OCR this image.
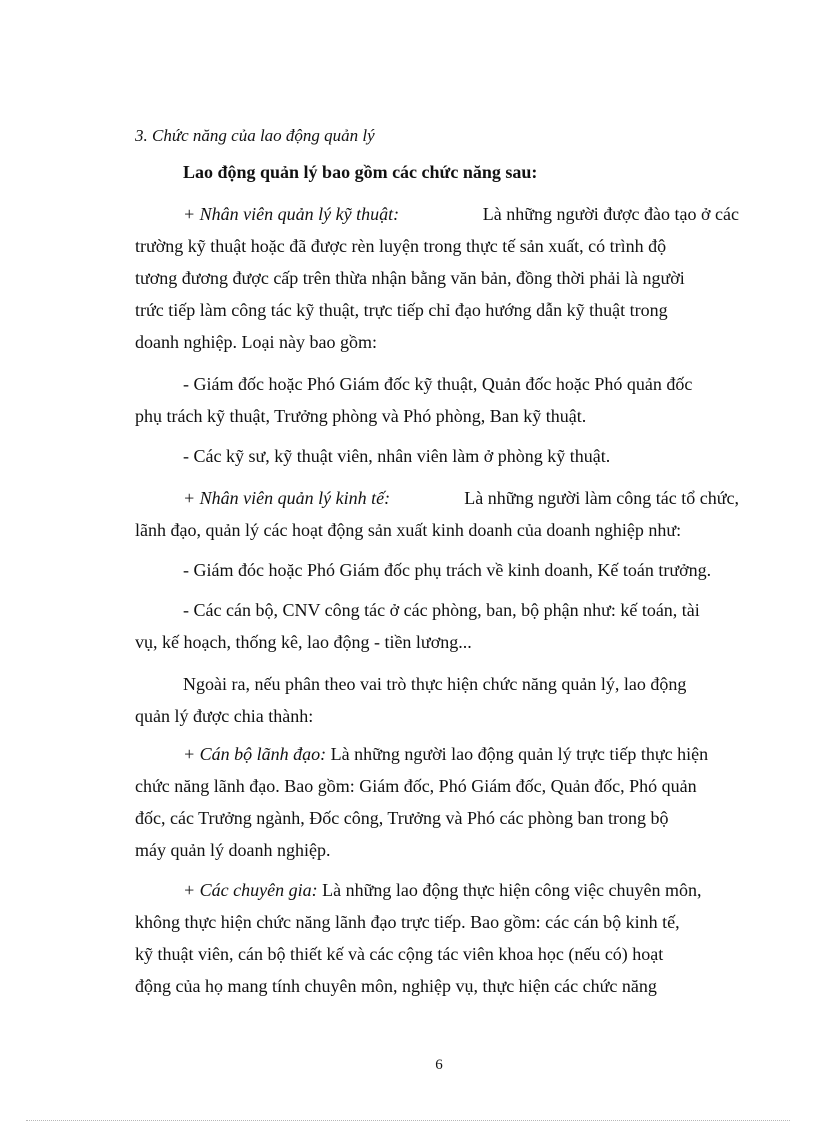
3. Chức năng của lao động quản lý
Lao động quản lý bao gồm các chức năng sau:
+ Nhân viên quản lý kỹ thuật:	Là những người được đào tạo ở các
trường kỹ thuật hoặc đã được rèn luyện trong thực tế sản xuất, có trình độ
tương đương được cấp trên thừa nhận bằng văn bản, đồng thời phải là người
trức tiếp làm công tác kỹ thuật, trực tiếp chỉ đạo hướng dẫn kỹ thuật trong
doanh nghiệp. Loại này bao gồm:
- Giám đốc hoặc Phó Giám đốc kỹ thuật, Quản đốc hoặc Phó quản đốc
phụ trách kỹ thuật, Trưởng phòng và Phó phòng, Ban kỹ thuật.
- Các kỹ sư, kỹ thuật viên, nhân viên làm ở phòng kỹ thuật.
+ Nhân viên quản lý kinh tế:	Là những người làm công tác tổ chức,
lãnh đạo, quản lý các hoạt động sản xuất kinh doanh của doanh nghiệp như:
- Giám đóc hoặc Phó Giám đốc phụ trách về kinh doanh, Kế toán trưởng.
- Các cán bộ, CNV công tác ở các phòng, ban, bộ phận như: kế toán, tài
vụ, kế hoạch, thống kê, lao động - tiền lương...
Ngoài ra, nếu phân theo vai trò thực hiện chức năng quản lý, lao động
quản lý được chia thành:
+ Cán bộ lãnh đạo: Là những người lao động quản lý trực tiếp thực hiện
chức năng lãnh đạo. Bao gồm: Giám đốc, Phó Giám đốc, Quản đốc, Phó quản
đốc, các Trưởng ngành, Đốc công, Trưởng và Phó các phòng ban trong bộ
máy quản lý doanh nghiệp.
+ Các chuyên gia: Là những lao động thực hiện công việc chuyên môn,
không thực hiện chức năng lãnh đạo trực tiếp. Bao gồm: các cán bộ kinh tế,
kỹ thuật viên, cán bộ thiết kế và các cộng tác viên khoa học (nếu có) hoạt
động của họ mang tính chuyên môn, nghiệp vụ, thực hiện các chức năng
6
